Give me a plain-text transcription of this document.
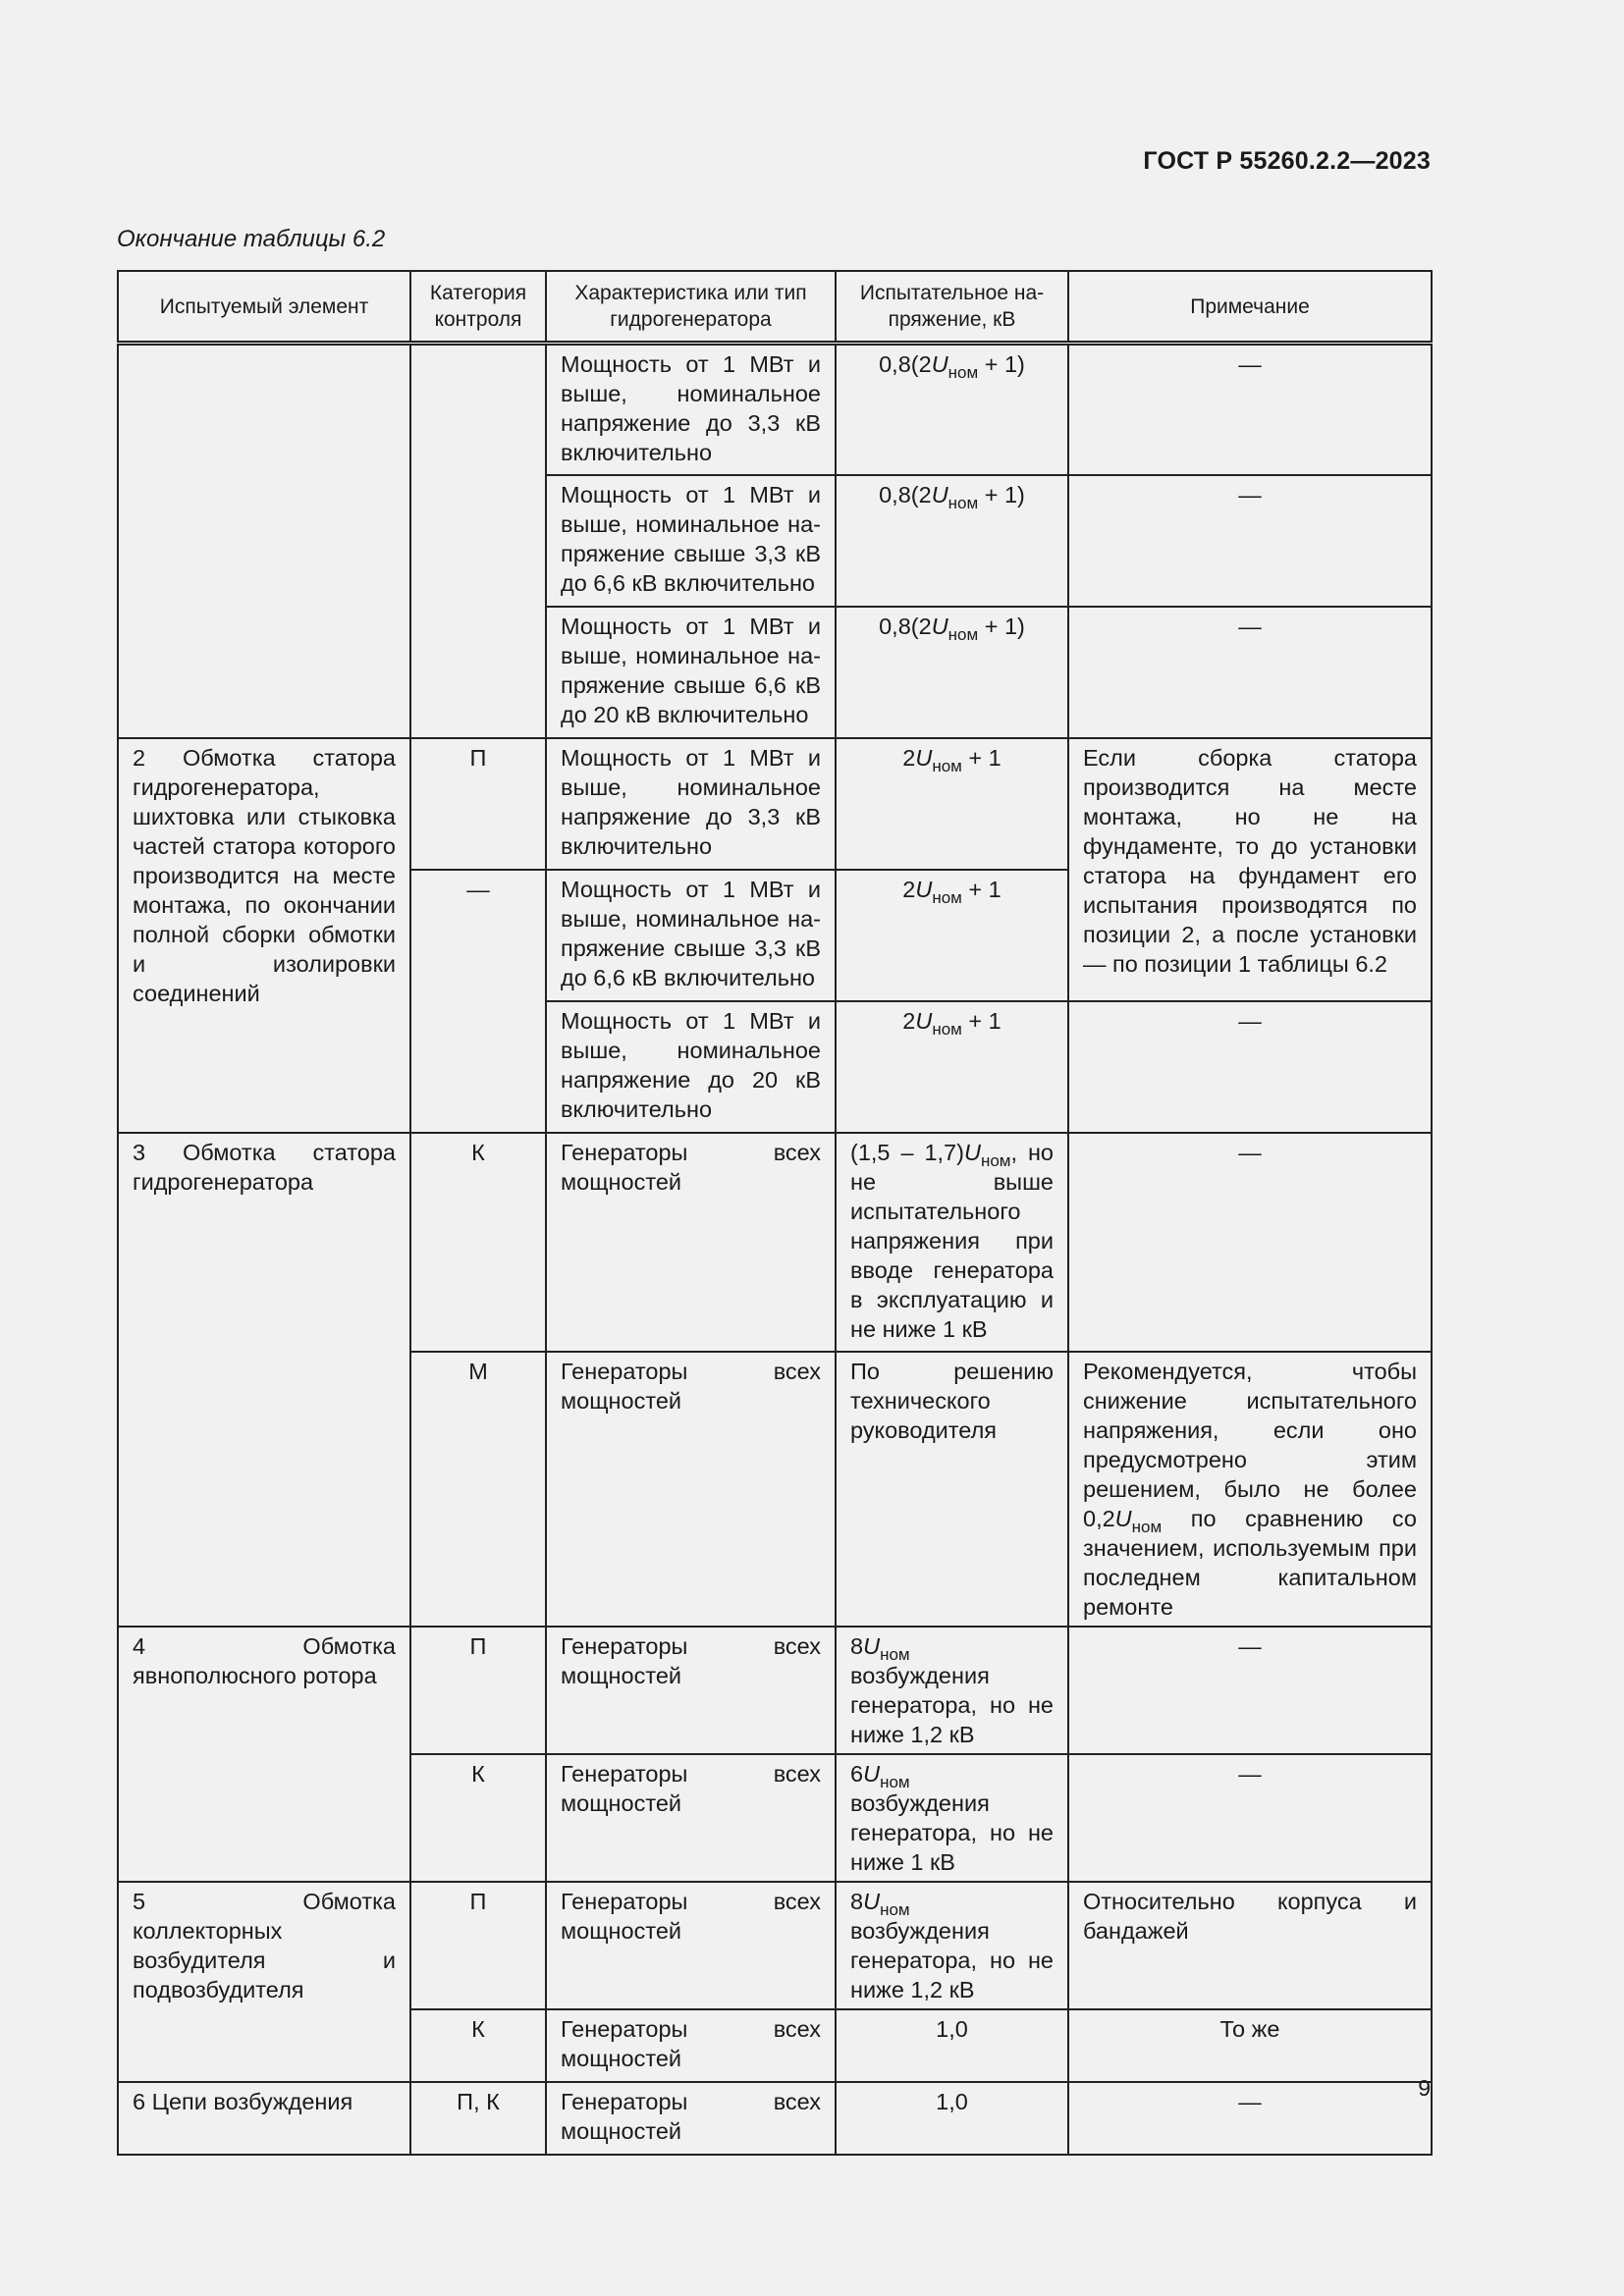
ГОСТ Р 55260.2.2—2023
Окончание таблицы 6.2
Испытуемый элемент	Категория контроля	Характеристика или тип гидрогенератора	Испытательное на-пряжение, кВ	Примечание
		Мощность от 1 МВт и выше, номинальное напряжение до 3,3 кВ включительно	$0,8(2U_{ном} + 1)$	—
		Мощность от 1 МВт и выше, номинальное на-пряжение свыше 3,3 кВ до 6,6 кВ включительно	$0,8(2U_{ном} + 1)$	—
		Мощность от 1 МВт и выше, номинальное на-пряжение свыше 6,6 кВ до 20 кВ включительно	$0,8(2U_{ном} + 1)$	—
2 Обмотка статора гидрогенератора, шихтовка или стыковка частей статора которого производится на месте монтажа, по окончании полной сборки обмотки и изолировки соединений	П	Мощность от 1 МВт и выше, номинальное напряжение до 3,3 кВ включительно	$2U_{ном} + 1$	Если сборка статора производится на месте монтажа, но не на фундаменте, то до установки статора на фундамент его испытания производятся по позиции 2, а после установки — по позиции 1 таблицы 6.2
	—	Мощность от 1 МВт и выше, номинальное на-пряжение свыше 3,3 кВ до 6,6 кВ включительно	$2U_{ном} + 1$	
		Мощность от 1 МВт и выше, номинальное напряжение до 20 кВ включительно	$2U_{ном} + 1$	—
3 Обмотка статора гидрогенератора	К	Генераторы всех мощностей	$(1,5 - 1,7)U_{ном}$, но не выше испытательного напряжения при вводе генератора в эксплуатацию и не ниже 1 кВ	—
	М	Генераторы всех мощностей	По решению технического руководителя	Рекомендуется, чтобы снижение испытательного напряжения, если оно предусмотрено этим решением, было не более $0,2U_{ном}$ по сравнению со значением, используемым при последнем капитальном ремонте
4 Обмотка явнополюсного ротора	П	Генераторы всех мощностей	$8U_{ном}$ возбуждения генератора, но не ниже 1,2 кВ	—
	К	Генераторы всех мощностей	$6U_{ном}$ возбуждения генератора, но не ниже 1 кВ	—
5 Обмотка коллекторных возбудителя и подвозбудителя	П	Генераторы всех мощностей	$8U_{ном}$ возбуждения генератора, но не ниже 1,2 кВ	Относительно корпуса и бандажей
	К	Генераторы всех мощностей	1,0	То же
6 Цепи возбуждения	П, К	Генераторы всех мощностей	1,0	—
9
